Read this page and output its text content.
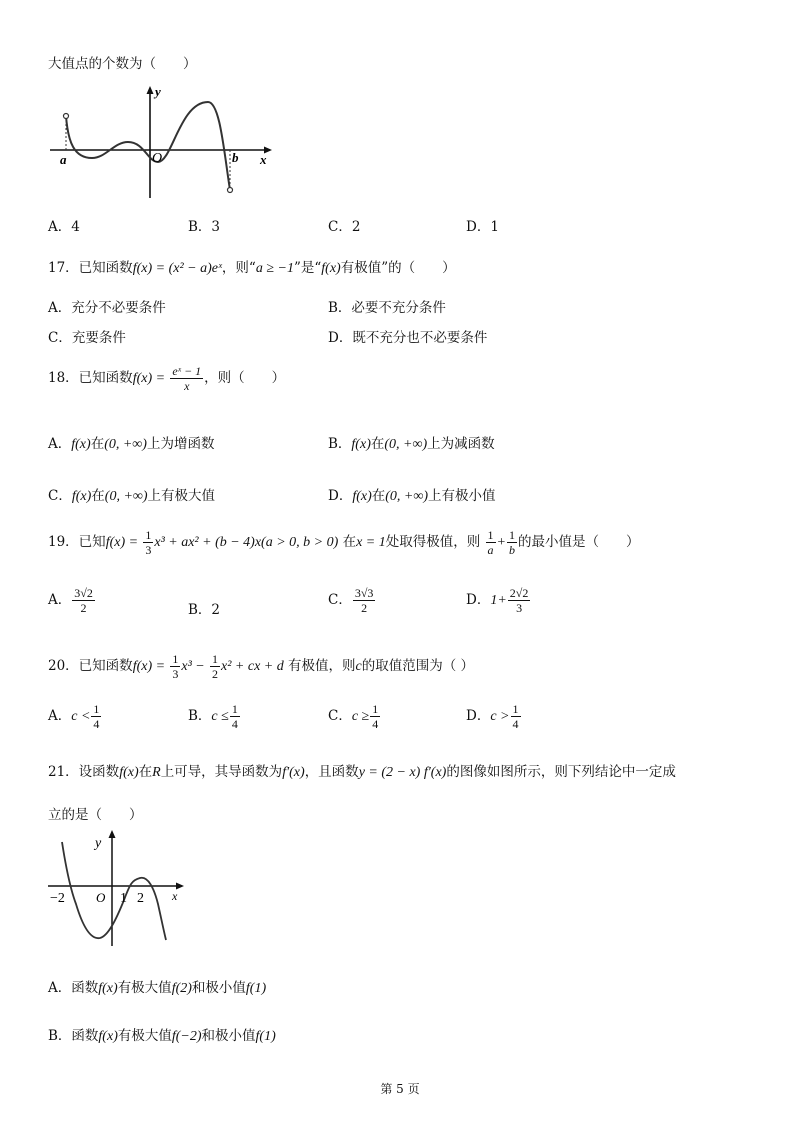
大值点的个数为（　　）
y
O
a	b x
A．4	B．3	C．2	D．1
17．已知函数f(x) = (x² − a)eˣ，则“a ≥ −1”是“f(x)有极值”的（　　）
A．充分不必要条件	B．必要不充分条件
C．充要条件	D．既不充分也不必要条件
18．已知函数$f(x) = \frac{\text{eˣ − 1}}{x}$ ，则（　　）
A．f(x)在(0, +∞)上为增函数	B．f(x)在(0, +∞)上为减函数
C．f(x)在(0, +∞)上有极大值	D．f(x)在(0, +∞)上有极小值
19．已知$f(x) = \frac{1}{3} x^3 + ax^2 + (b - 4)x(a > 0$, b > 0) 在x = 1处取得极值，则 $\frac{1}{a} + \frac{1}{b}$ 的最小值是（　　）
A． $\frac{3√2}{2}$	B．2
C． $\frac{3√3}{2}$	D．$1+ \frac{2√2}{3}$
20．已知函数$f(x) = \frac{1}{3} x^3 - \frac{1}{2} x^2$ + cx + d 有极值，则c的取值范围为（ ）
A．$c < \frac{1}{4}$	B．$c \le \frac{1}{4}$	C．$c \ge \frac{1}{4}$	D．$c > \frac{1}{4}$
21．设函数f(x)在R上可导，其导函数为f′(x)，且函数y = (2 − x) f′(x)的图像如图所示，则下列结论中一定成
立的是（　　）
y
O
−2	1 2 x
A．函数f(x)有极大值f(2)和极小值f(1)
B．函数f(x)有极大值f(−2)和极小值f(1)
第 5 页
